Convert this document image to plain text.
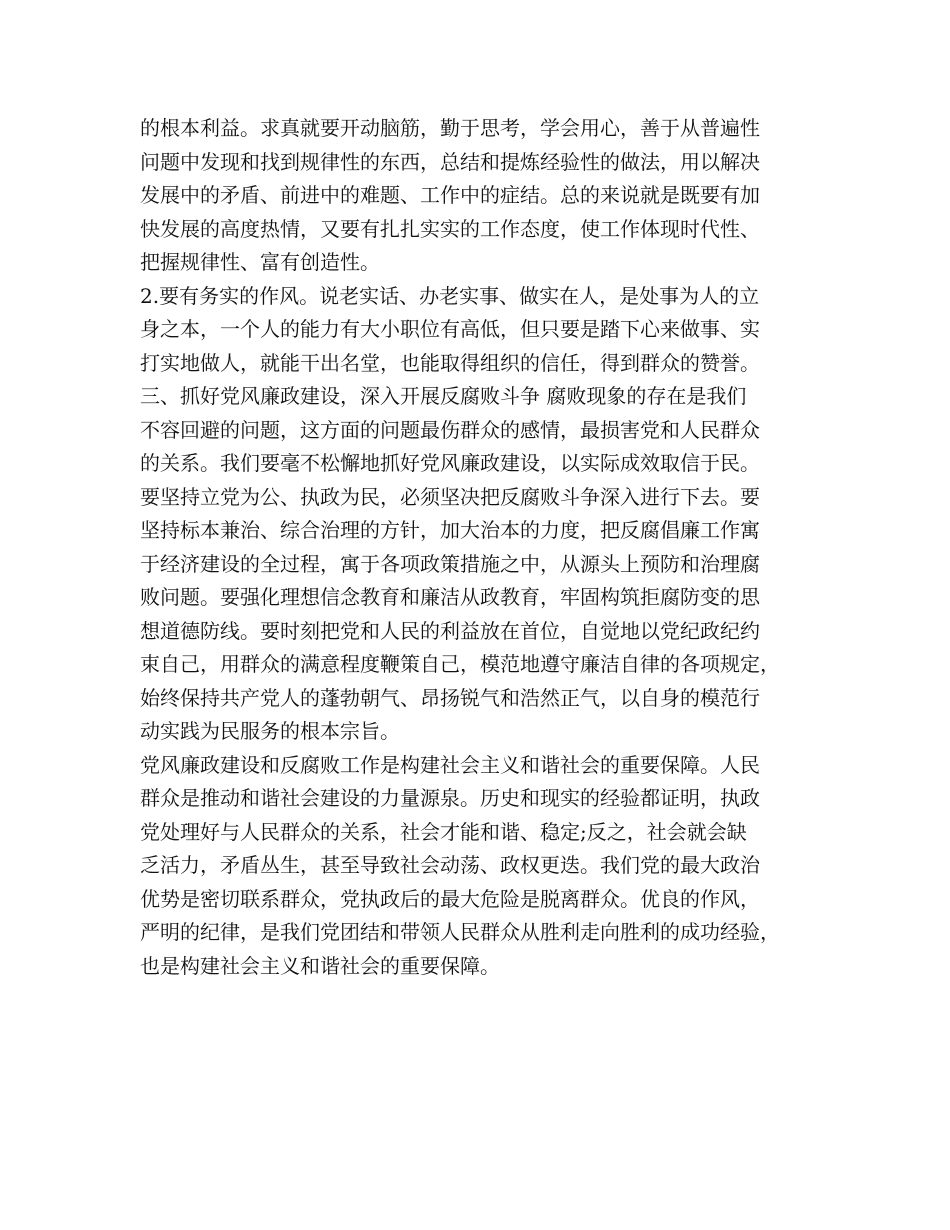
的根本利益。求真就要开动脑筋，勤于思考，学会用心，善于从普遍性
问题中发现和找到规律性的东西，总结和提炼经验性的做法，用以解决
发展中的矛盾、前进中的难题、工作中的症结。总的来说就是既要有加
快发展的高度热情，又要有扎扎实实的工作态度，使工作体现时代性、
把握规律性、富有创造性。
2.要有务实的作风。说老实话、办老实事、做实在人，是处事为人的立
身之本，一个人的能力有大小职位有高低，但只要是踏下心来做事、实
打实地做人，就能干出名堂，也能取得组织的信任，得到群众的赞誉。
三、抓好党风廉政建设，深入开展反腐败斗争 腐败现象的存在是我们
不容回避的问题，这方面的问题最伤群众的感情，最损害党和人民群众
的关系。我们要毫不松懈地抓好党风廉政建设，以实际成效取信于民。
要坚持立党为公、执政为民，必须坚决把反腐败斗争深入进行下去。要
坚持标本兼治、综合治理的方针，加大治本的力度，把反腐倡廉工作寓
于经济建设的全过程，寓于各项政策措施之中，从源头上预防和治理腐
败问题。要强化理想信念教育和廉洁从政教育，牢固构筑拒腐防变的思
想道德防线。要时刻把党和人民的利益放在首位，自觉地以党纪政纪约
束自己，用群众的满意程度鞭策自己，模范地遵守廉洁自律的各项规定，
始终保持共产党人的蓬勃朝气、昂扬锐气和浩然正气，以自身的模范行
动实践为民服务的根本宗旨。
党风廉政建设和反腐败工作是构建社会主义和谐社会的重要保障。人民
群众是推动和谐社会建设的力量源泉。历史和现实的经验都证明，执政
党处理好与人民群众的关系，社会才能和谐、稳定;反之，社会就会缺
乏活力，矛盾丛生，甚至导致社会动荡、政权更迭。我们党的最大政治
优势是密切联系群众，党执政后的最大危险是脱离群众。优良的作风，
严明的纪律，是我们党团结和带领人民群众从胜利走向胜利的成功经验，
也是构建社会主义和谐社会的重要保障。
